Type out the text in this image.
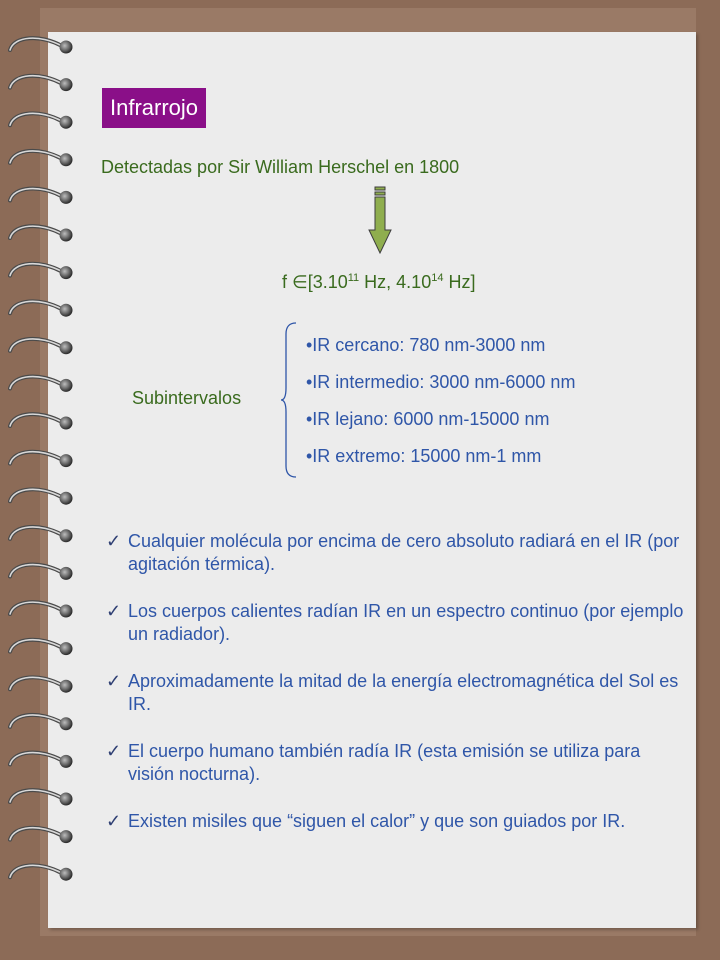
Infrarrojo
Detectadas por Sir William Herschel en 1800
f ∈[3.10$^{11}$ Hz, 4.10$^{14}$ Hz]
Subintervalos
•IR cercano: 780 nm-3000 nm
•IR intermedio: 3000 nm-6000 nm
•IR lejano: 6000 nm-15000 nm
•IR extremo: 15000 nm-1 mm
✓ Cualquier molécula por encima de cero absoluto radiará en el IR (por agitación térmica).
✓ Los cuerpos calientes radían IR en un espectro continuo (por ejemplo un radiador).
✓ Aproximadamente la mitad de la energía electromagnética del Sol es IR.
✓ El cuerpo humano también radía IR (esta emisión se utiliza para visión nocturna).
✓ Existen misiles que “siguen el calor” y que son guiados por IR.
